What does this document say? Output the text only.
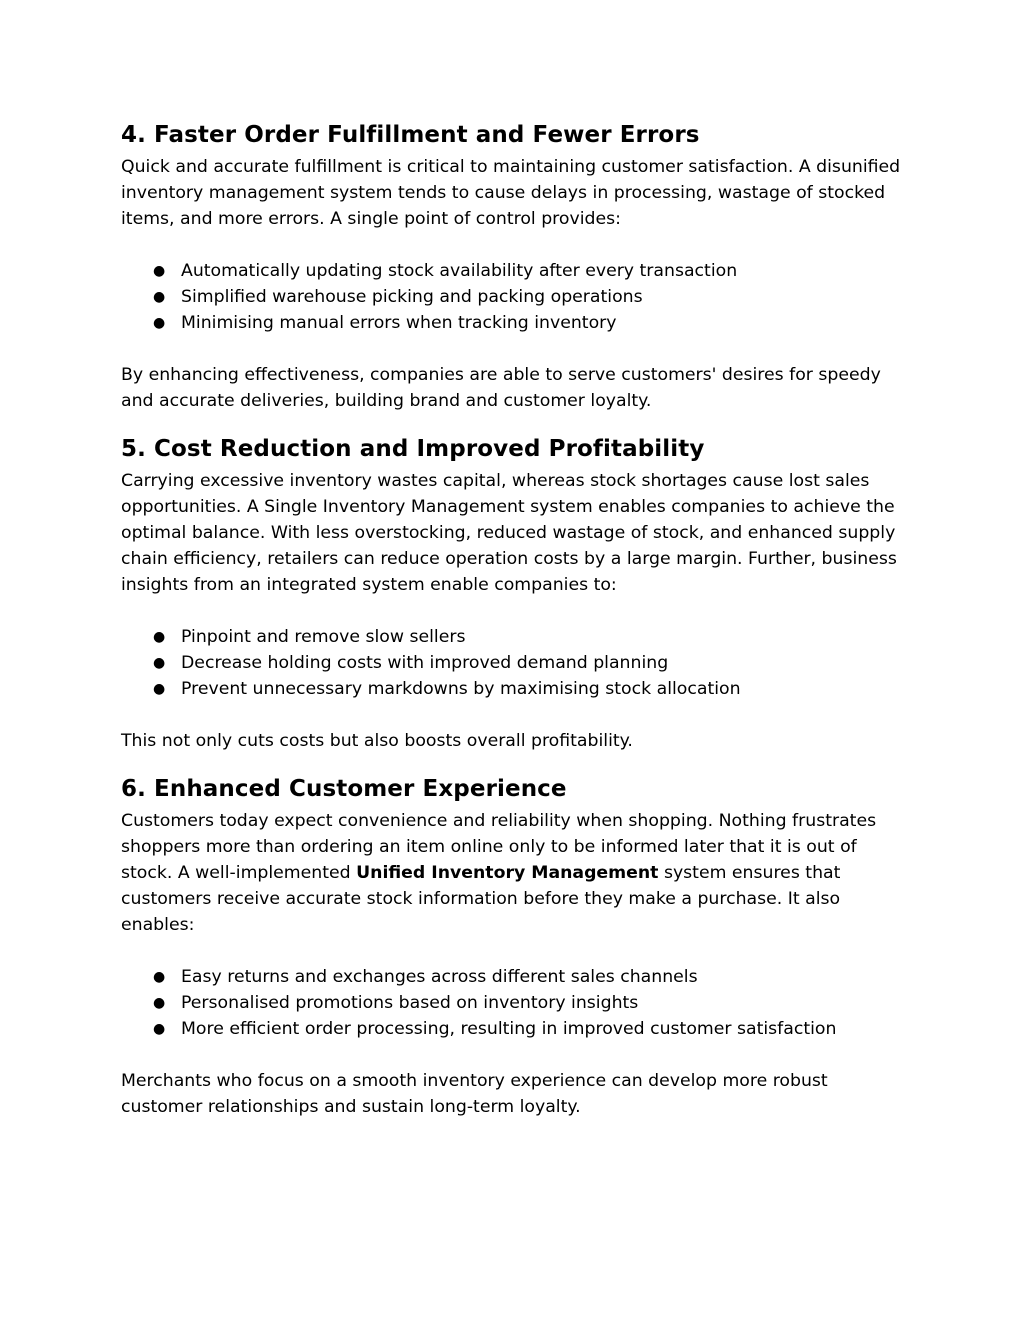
4. Faster Order Fulfillment and Fewer Errors

Quick and accurate fulfillment is critical to maintaining customer satisfaction. A disunified inventory management system tends to cause delays in processing, wastage of stocked items, and more errors. A single point of control provides:

● Automatically updating stock availability after every transaction
● Simplified warehouse picking and packing operations
● Minimising manual errors when tracking inventory

By enhancing effectiveness, companies are able to serve customers' desires for speedy and accurate deliveries, building brand and customer loyalty.

5. Cost Reduction and Improved Profitability

Carrying excessive inventory wastes capital, whereas stock shortages cause lost sales opportunities. A Single Inventory Management system enables companies to achieve the optimal balance. With less overstocking, reduced wastage of stock, and enhanced supply chain efficiency, retailers can reduce operation costs by a large margin. Further, business insights from an integrated system enable companies to:

● Pinpoint and remove slow sellers
● Decrease holding costs with improved demand planning
● Prevent unnecessary markdowns by maximising stock allocation

This not only cuts costs but also boosts overall profitability.

6. Enhanced Customer Experience

Customers today expect convenience and reliability when shopping. Nothing frustrates shoppers more than ordering an item online only to be informed later that it is out of stock. A well-implemented Unified Inventory Management system ensures that customers receive accurate stock information before they make a purchase. It also enables:

● Easy returns and exchanges across different sales channels
● Personalised promotions based on inventory insights
● More efficient order processing, resulting in improved customer satisfaction

Merchants who focus on a smooth inventory experience can develop more robust customer relationships and sustain long-term loyalty.
